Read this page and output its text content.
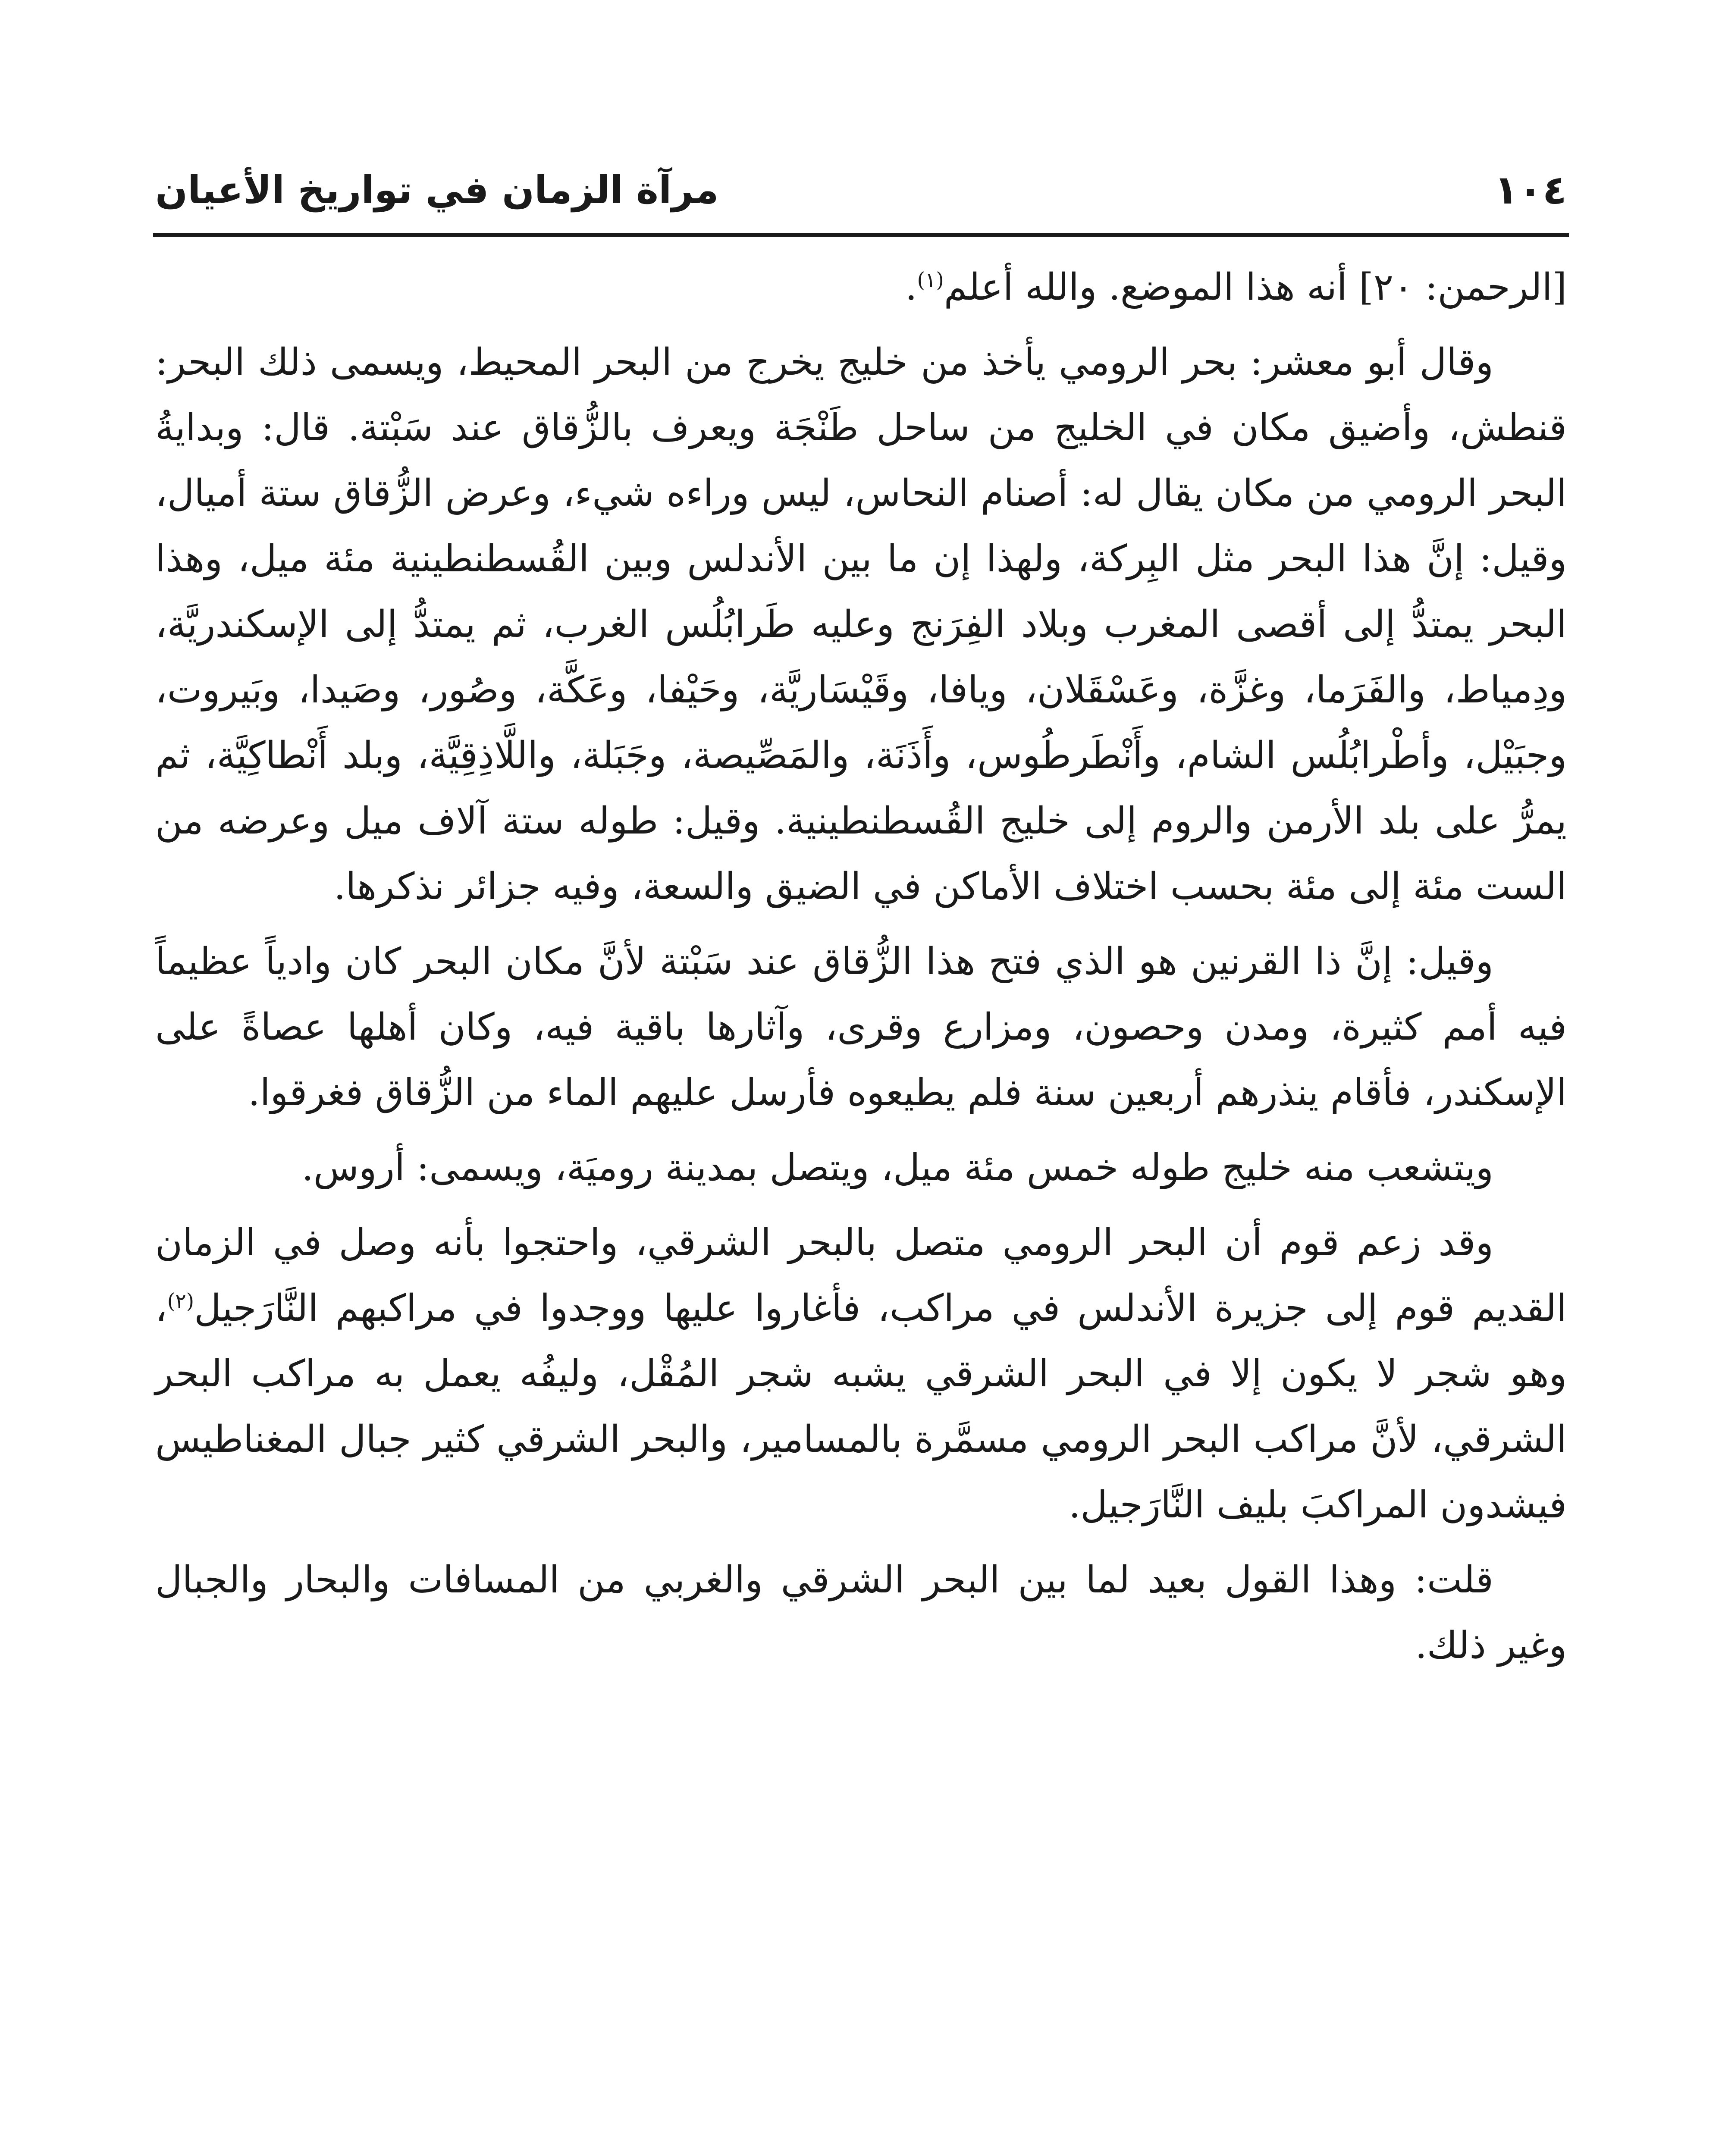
١٠٤
مرآة الزمان في تواريخ الأعيان

[الرحمن: ٢٠] أنه هذا الموضع. والله أعلم$^{(١)}$.

وقال أبو معشر: بحر الرومي يأخذ من خليج يخرج من البحر المحيط، ويسمى ذلك البحر: قنطش، وأضيق مكان في الخليج من ساحل طَنْجَة ويعرف بالزُّقاق عند سَبْتة. قال: وبدايةُ البحر الرومي من مكان يقال له: أصنام النحاس، ليس وراءه شيء، وعرض الزُّقاق ستة أميال، وقيل: إنَّ هذا البحر مثل البِركة، ولهذا إن ما بين الأندلس وبين القُسطنطينية مئة ميل، وهذا البحر يمتدُّ إلى أقصى المغرب وبلاد الفِرَنج وعليه طَرابُلُس الغرب، ثم يمتدُّ إلى الإسكندريَّة، ودِمياط، والفَرَما، وغزَّة، وعَسْقَلان، ويافا، وقَيْسَاريَّة، وحَيْفا، وعَكَّة، وصُور، وصَيدا، وبَيروت، وجبَيْل، وأطْرابُلُس الشام، وأَنْطَرطُوس، وأَذَنَة، والمَصِّيصة، وجَبَلة، واللَّاذِقِيَّة، وبلد أَنْطاكِيَّة، ثم يمرُّ على بلد الأرمن والروم إلى خليج القُسطنطينية. وقيل: طوله ستة آلاف ميل وعرضه من الست مئة إلى مئة بحسب اختلاف الأماكن في الضيق والسعة، وفيه جزائر نذكرها.

وقيل: إنَّ ذا القرنين هو الذي فتح هذا الزُّقاق عند سَبْتة لأنَّ مكان البحر كان وادياً عظيماً فيه أمم كثيرة، ومدن وحصون، ومزارع وقرى، وآثارها باقية فيه، وكان أهلها عصاةً على الإسكندر، فأقام ينذرهم أربعين سنة فلم يطيعوه فأرسل عليهم الماء من الزُّقاق فغرقوا.

ويتشعب منه خليج طوله خمس مئة ميل، ويتصل بمدينة روميَة، ويسمى: أروس.

وقد زعم قوم أن البحر الرومي متصل بالبحر الشرقي، واحتجوا بأنه وصل في الزمان القديم قوم إلى جزيرة الأندلس في مراكب، فأغاروا عليها ووجدوا في مراكبهم النَّارَجيل$^{(٢)}$، وهو شجر لا يكون إلا في البحر الشرقي يشبه شجر المُقْل، وليفُه يعمل به مراكب البحر الشرقي، لأنَّ مراكب البحر الرومي مسمَّرة بالمسامير، والبحر الشرقي كثير جبال المغناطيس فيشدون المراكبَ بليف النَّارَجيل.

قلت: وهذا القول بعيد لما بين البحر الشرقي والغربي من المسافات والبحار والجبال وغير ذلك.
